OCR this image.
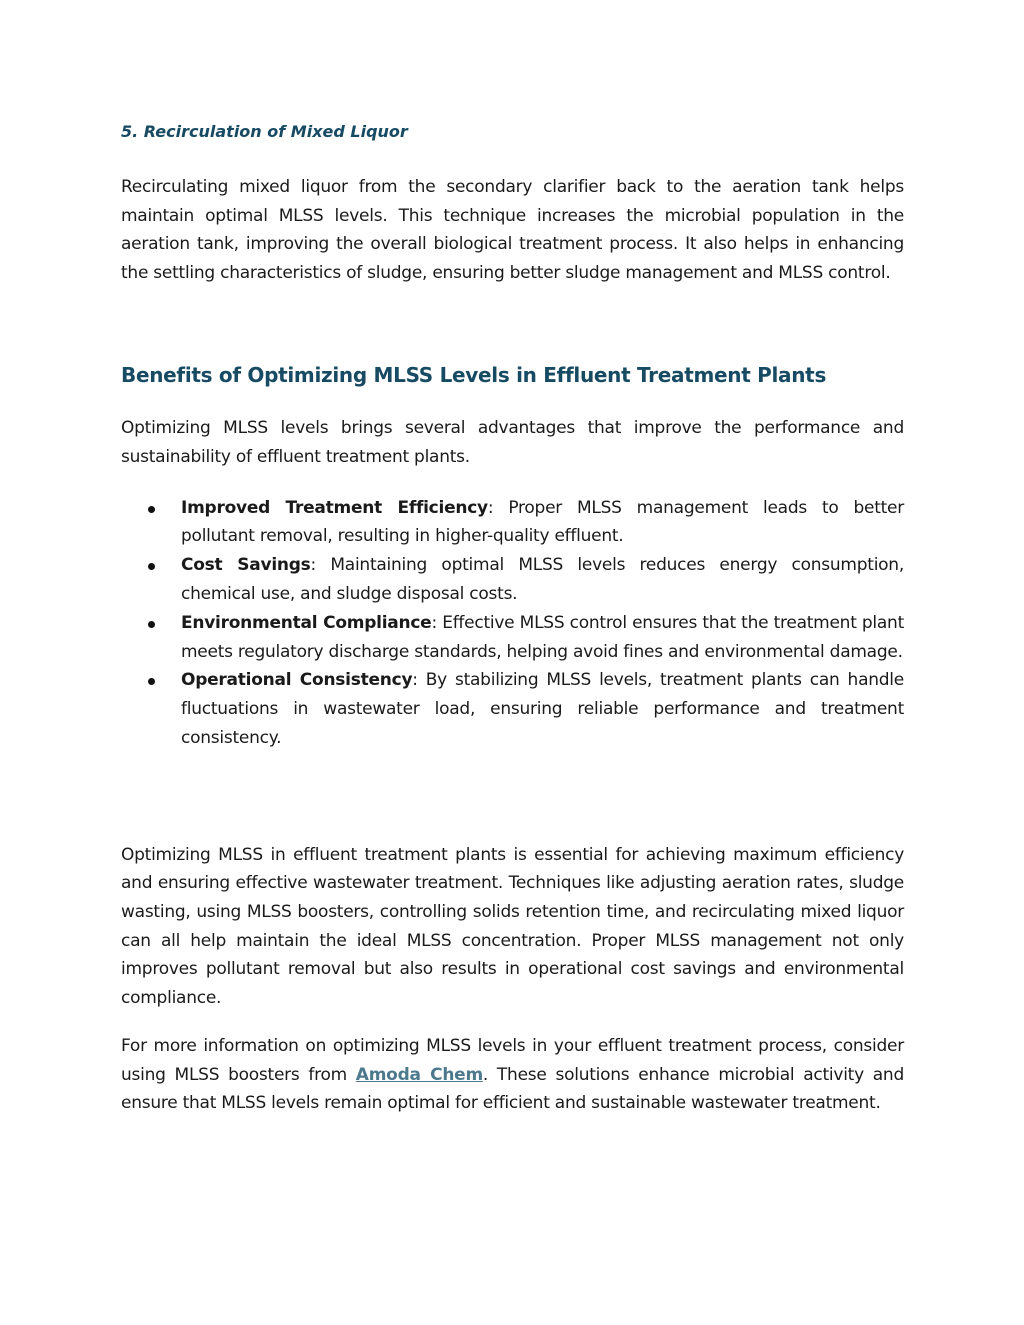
5. Recirculation of Mixed Liquor

Recirculating mixed liquor from the secondary clarifier back to the aeration tank helps maintain optimal MLSS levels. This technique increases the microbial population in the aeration tank, improving the overall biological treatment process. It also helps in enhancing the settling characteristics of sludge, ensuring better sludge management and MLSS control.

Benefits of Optimizing MLSS Levels in Effluent Treatment Plants

Optimizing MLSS levels brings several advantages that improve the performance and sustainability of effluent treatment plants.

Improved Treatment Efficiency: Proper MLSS management leads to better pollutant removal, resulting in higher-quality effluent.
Cost Savings: Maintaining optimal MLSS levels reduces energy consumption, chemical use, and sludge disposal costs.
Environmental Compliance: Effective MLSS control ensures that the treatment plant meets regulatory discharge standards, helping avoid fines and environmental damage.
Operational Consistency: By stabilizing MLSS levels, treatment plants can handle fluctuations in wastewater load, ensuring reliable performance and treatment consistency.

Optimizing MLSS in effluent treatment plants is essential for achieving maximum efficiency and ensuring effective wastewater treatment. Techniques like adjusting aeration rates, sludge wasting, using MLSS boosters, controlling solids retention time, and recirculating mixed liquor can all help maintain the ideal MLSS concentration. Proper MLSS management not only improves pollutant removal but also results in operational cost savings and environmental compliance.

For more information on optimizing MLSS levels in your effluent treatment process, consider using MLSS boosters from Amoda Chem. These solutions enhance microbial activity and ensure that MLSS levels remain optimal for efficient and sustainable wastewater treatment.
